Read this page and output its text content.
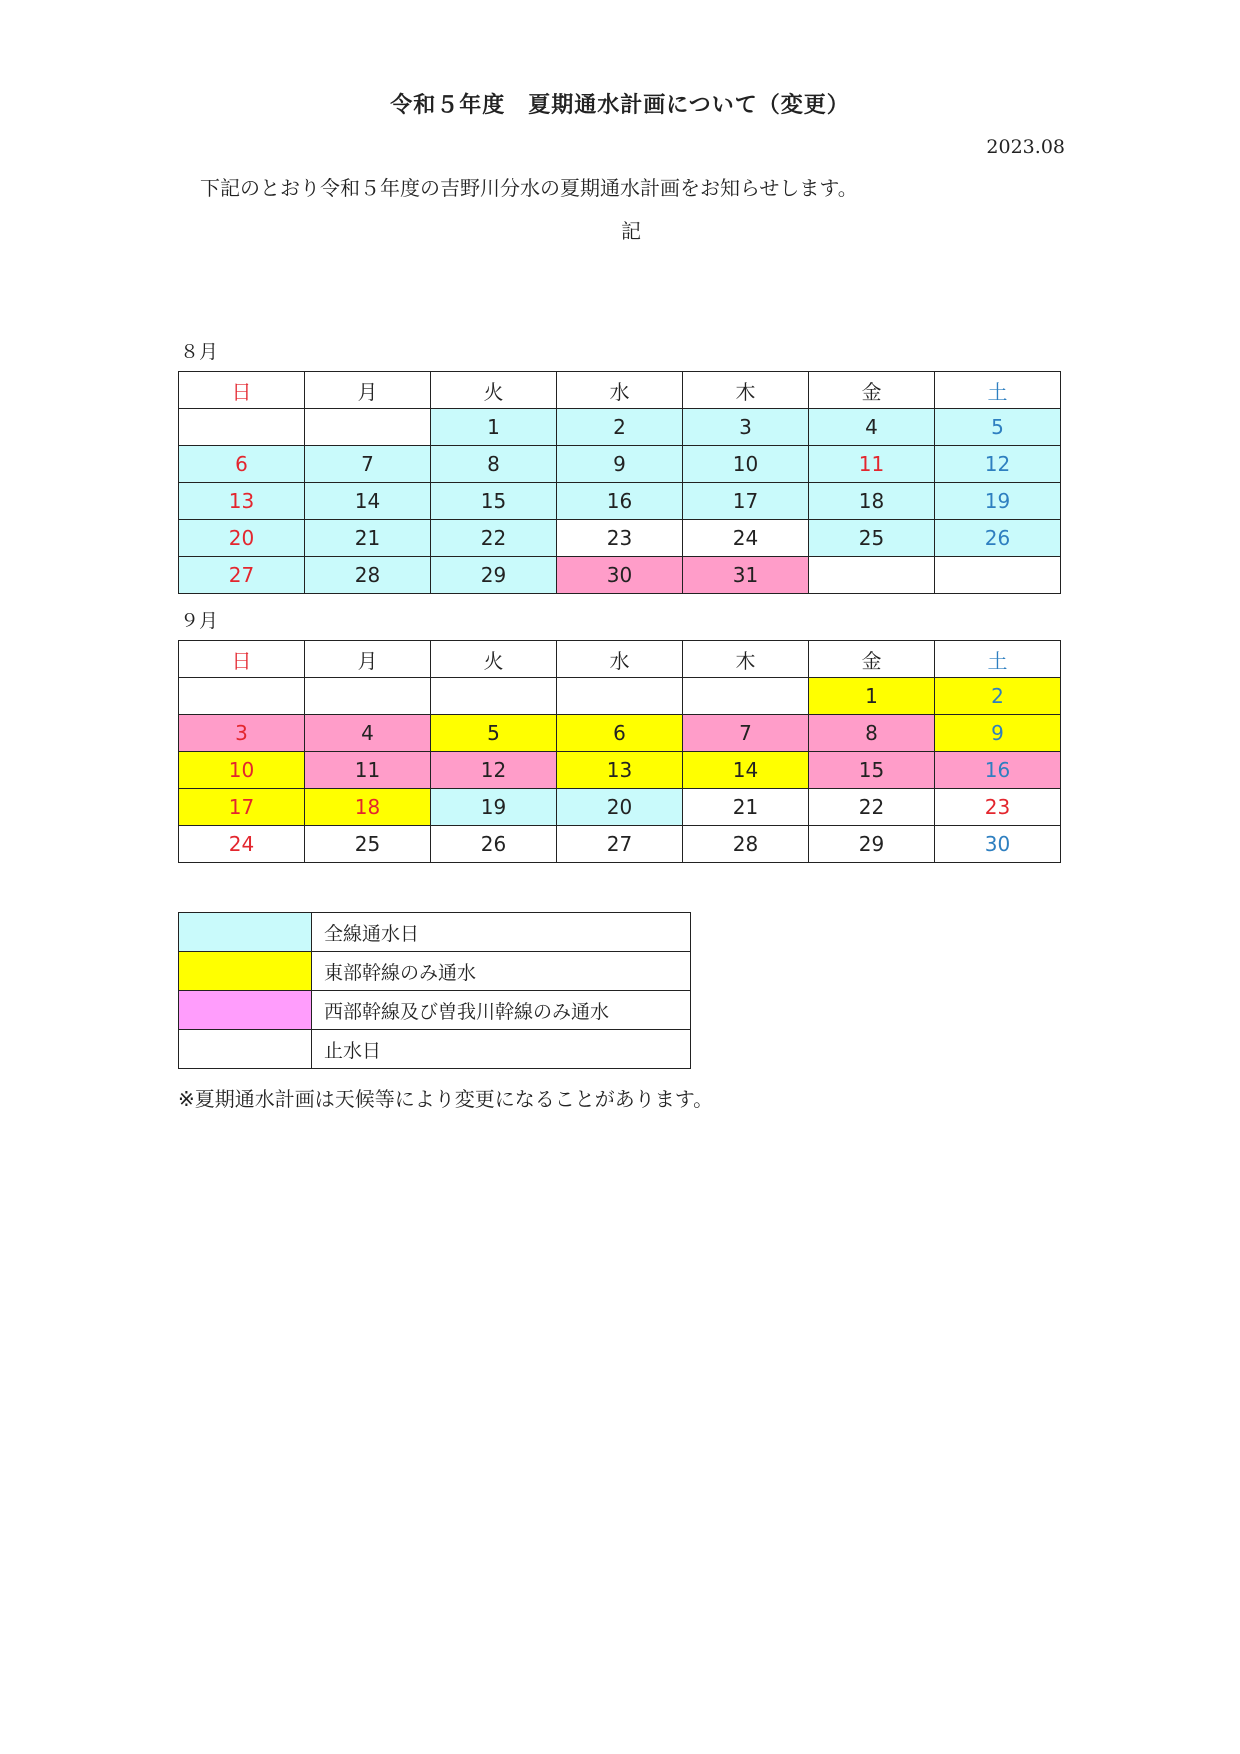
令和５年度　夏期通水計画について（変更）
2023.08
下記のとおり令和５年度の吉野川分水の夏期通水計画をお知らせします。
記
８月
日	月	火	水	木	金	土
		1	2	3	4	5
6	7	8	9	10	11	12
13	14	15	16	17	18	19
20	21	22	23	24	25	26
27	28	29	30	31		
９月
日	月	火	水	木	金	土
					1	2
3	4	5	6	7	8	9
10	11	12	13	14	15	16
17	18	19	20	21	22	23
24	25	26	27	28	29	30
	全線通水日
	東部幹線のみ通水
	西部幹線及び曽我川幹線のみ通水
	止水日
※夏期通水計画は天候等により変更になることがあります。
